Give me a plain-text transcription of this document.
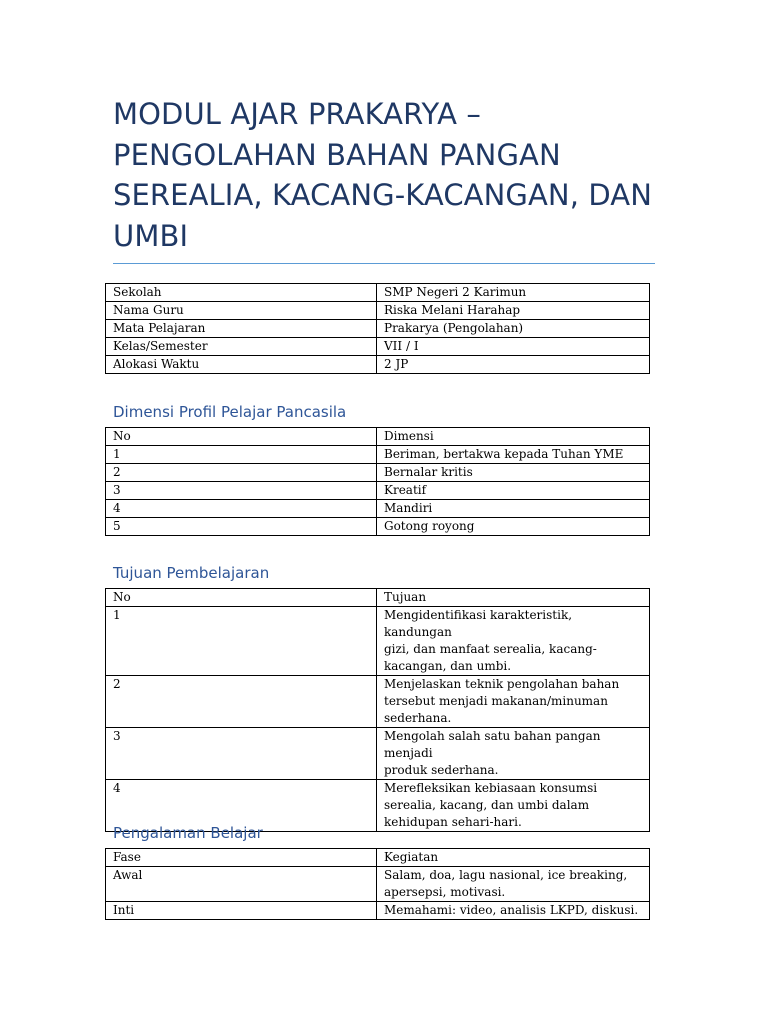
MODUL AJAR PRAKARYA –
PENGOLAHAN BAHAN PANGAN
SEREALIA, KACANG-KACANGAN, DAN
UMBI
Sekolah	SMP Negeri 2 Karimun
Nama Guru	Riska Melani Harahap
Mata Pelajaran	Prakarya (Pengolahan)
Kelas/Semester	VII / I
Alokasi Waktu	2 JP
Dimensi Profil Pelajar Pancasila
No	Dimensi
1	Beriman, bertakwa kepada Tuhan YME
2	Bernalar kritis
3	Kreatif
4	Mandiri
5	Gotong royong
Tujuan Pembelajaran
No	Tujuan
1	Mengidentifikasi karakteristik, kandungan
gizi, dan manfaat serealia, kacang-
kacangan, dan umbi.

2	Menjelaskan teknik pengolahan bahan
tersebut menjadi makanan/minuman
sederhana.

3	Mengolah salah satu bahan pangan menjadi
produk sederhana.

4	Merefleksikan kebiasaan konsumsi
serealia, kacang, dan umbi dalam
kehidupan sehari-hari.
Pengalaman Belajar
Fase	Kegiatan
Awal	Salam, doa, lagu nasional, ice breaking,
apersepsi, motivasi.

Inti	Memahami: video, analisis LKPD, diskusi.
